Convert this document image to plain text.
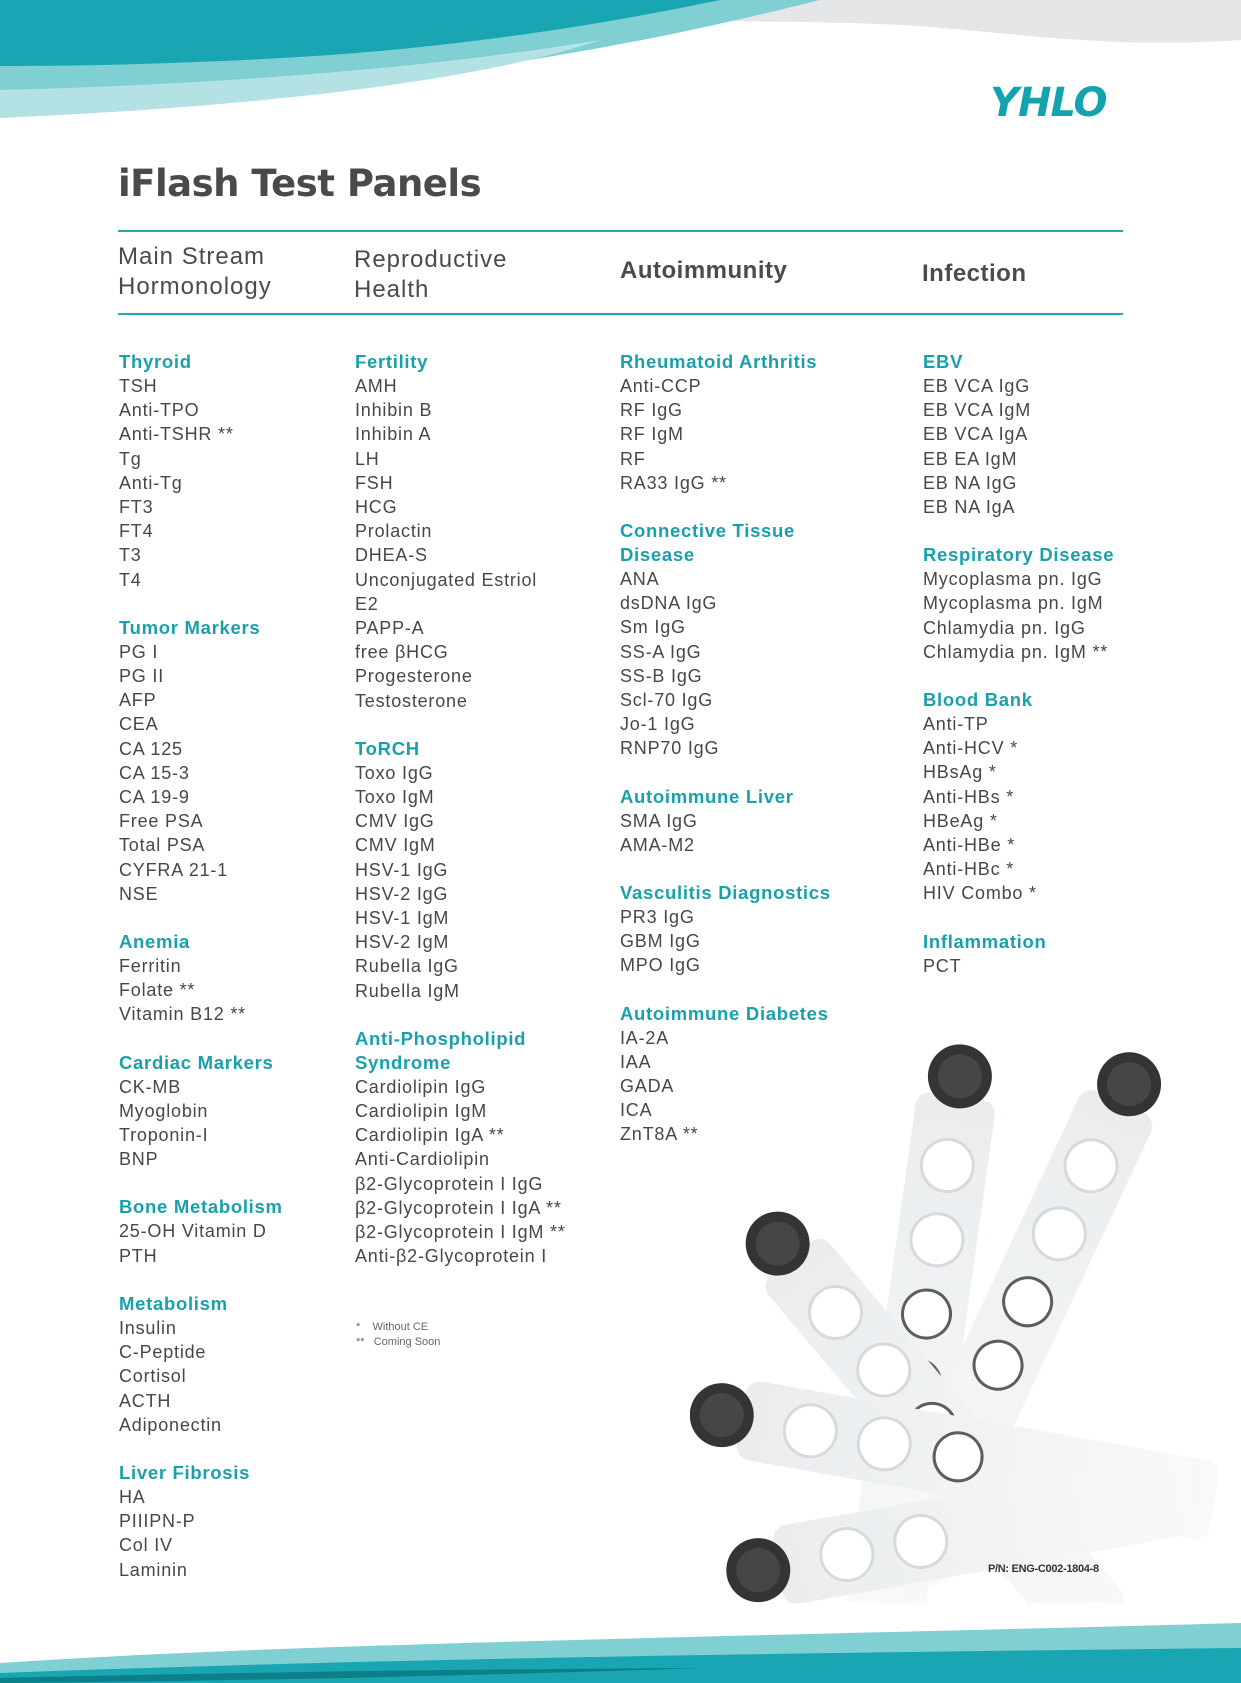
YHLO
iFlash Test Panels
Main Stream
Hormonology
Reproductive
Health
Autoimmunity	Infection
Thyroid
TSH
Anti-TPO
Anti-TSHR **
Tg
Anti-Tg
FT3
FT4
T3
T4
Tumor Markers
PG I
PG II
AFP
CEA
CA 125
CA 15-3
CA 19-9
Free PSA
Total PSA
CYFRA 21-1
NSE
Anemia
Ferritin
Folate **
Vitamin B12 **
Cardiac Markers
CK-MB
Myoglobin
Troponin-I
BNP
Bone Metabolism
25-OH Vitamin D
PTH
Metabolism
Insulin
C-Peptide
Cortisol
ACTH
Adiponectin
Liver Fibrosis
HA
PIIIPN-P
Col IV
Laminin
Fertility
AMH
Inhibin B
Inhibin A
LH
FSH
HCG
Prolactin
DHEA-S
Unconjugated Estriol
E2
PAPP-A
free βHCG
Progesterone
Testosterone
ToRCH
Toxo IgG
Toxo IgM
CMV IgG
CMV IgM
HSV-1 IgG
HSV-2 IgG
HSV-1 IgM
HSV-2 IgM
Rubella IgG
Rubella IgM
Anti-Phospholipid
Syndrome
Cardiolipin IgG
Cardiolipin IgM
Cardiolipin IgA **
Anti-Cardiolipin
β2-Glycoprotein I IgG
β2-Glycoprotein I IgA **
β2-Glycoprotein I IgM **
Anti-β2-Glycoprotein I
Rheumatoid Arthritis
Anti-CCP
RF IgG
RF IgM
RF
RA33 IgG **
Connective Tissue
Disease
ANA
dsDNA IgG
Sm IgG
SS-A IgG
SS-B IgG
Scl-70 IgG
Jo-1 IgG
RNP70 IgG
Autoimmune Liver
SMA IgG
AMA-M2
Vasculitis Diagnostics
PR3 IgG
GBM IgG
MPO IgG
Autoimmune Diabetes
IA-2A
IAA
GADA
ICA
ZnT8A **
EBV
EB VCA IgG
EB VCA IgM
EB VCA IgA
EB EA IgM
EB NA IgG
EB NA IgA
Respiratory Disease
Mycoplasma pn. IgG
Mycoplasma pn. IgM
Chlamydia pn. IgG
Chlamydia pn. IgM **
Blood Bank
Anti-TP
Anti-HCV *
HBsAg *
Anti-HBs *
HBeAg *
Anti-HBe *
Anti-HBc *
HIV Combo *
Inflammation
PCT
*    Without CE
**   Coming Soon
P/N: ENG-C002-1804-8
